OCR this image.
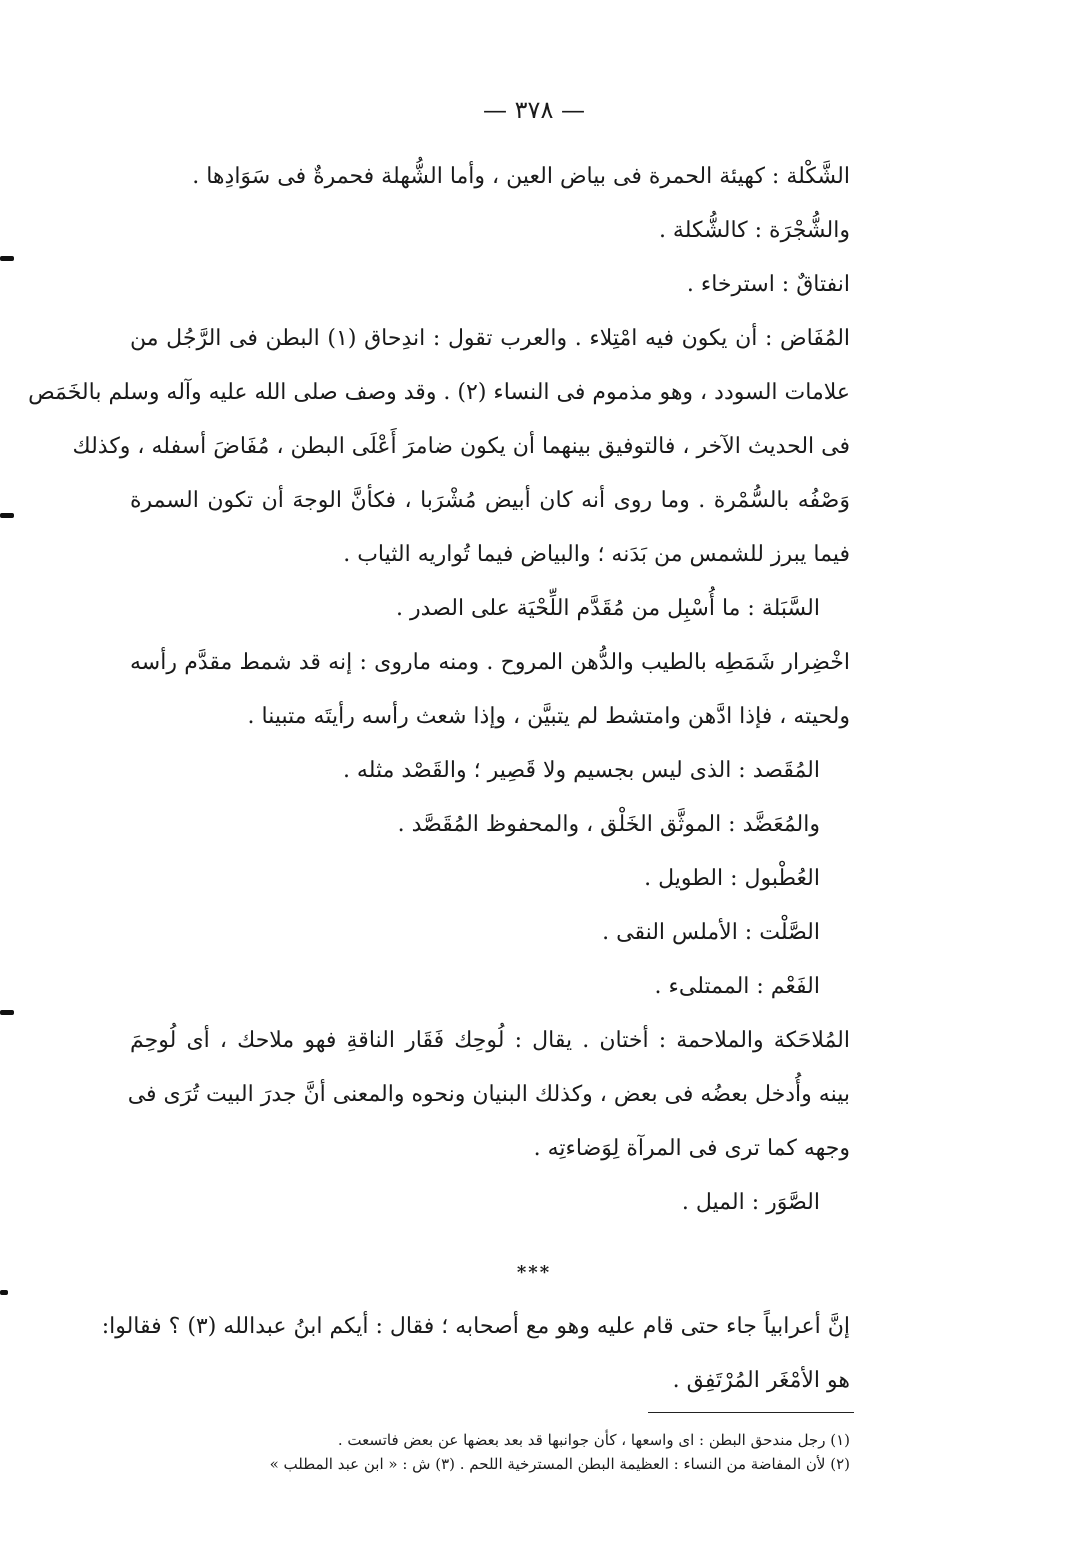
— ٣٧٨ —
الشَّكْلة : كهيئة الحمرة فى بياض العين ، وأما الشُّهلة فحمرةٌ فى سَوَادِها .
والشُّجْرَة : كالشُّكلة .
انفتاقٌ : استرخاء .
المُفَاض : أن يكون فيه امْتِلاء . والعرب تقول : اندِحاق (١) البطن فى الرَّجُل من
علامات السودد ، وهو مذموم فى النساء (٢) . وقد وصف صلى الله عليه وآله وسلم بالخَمَص
فى الحديث الآخر ، فالتوفيق بينهما أن يكون ضامرَ أَعْلَى البطن ، مُفَاضَ أسفله ، وكذلك
وَصْفُه بالسُّمْرة . وما روى أنه كان أبيض مُشْرَبا ، فكأنَّ الوجهَ أن تكون السمرة
فيما يبرز للشمس من بَدَنه ؛ والبياض فيما تُواريه الثياب .
السَّبَلة : ما أُسْبِل من مُقَدَّم اللِّحْيَة على الصدر .
اخْضِرار شَمَطِه بالطيب والدُّهن المروح . ومنه ماروى : إنه قد شمط مقدَّم رأسه
ولحيته ، فإذا ادَّهن وامتشط لم يتبيَّن ، وإذا شعث رأسه رأيتَه متبينا .
المُقَصد : الذى ليس بجسيم ولا قَصِير ؛ والقَصْد مثله .
والمُعَضَّد : الموثَّق الخَلْق ، والمحفوظ المُقَصَّد .
العُطْبول : الطويل .
الصَّلْت : الأملس النقى .
الفَعْم : الممتلىء .
المُلاحَكة والملاحمة : أختان . يقال : لُوحِك فَقَار الناقةِ فهو ملاحك ، أى لُوحِمَ
بينه وأُدخل بعضُه فى بعض ، وكذلك البنيان ونحوه والمعنى أنَّ جدرَ البيت تُرَى فى
وجهه كما ترى فى المرآة لِوَضاءتِه .
الصَّوَر : الميل .
***
إنَّ أعرابياً جاء حتى قام عليه وهو مع أصحابه ؛ فقال : أيكم ابنُ عبدالله (٣) ؟ فقالوا:
هو الأمْغَر المُرْتَفِق .
(١) رجل مندحق البطن : اى واسعها ، كأن جوانبها قد بعد بعضها عن بعض فاتسعت .
(٢) لأن المفاضة من النساء : العظيمة البطن المسترخية اللحم . (٣) ش : « ابن عبد المطلب »
